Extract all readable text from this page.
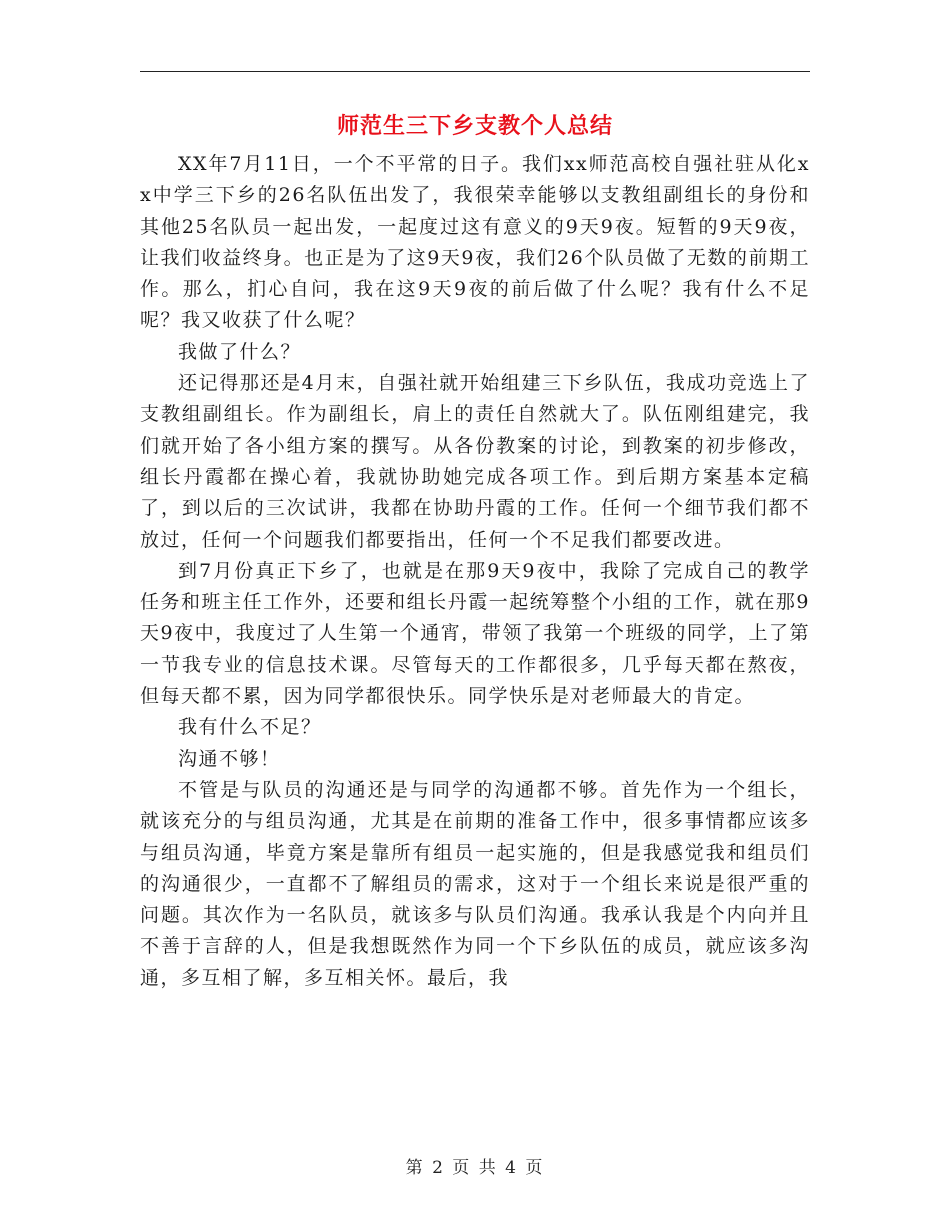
师范生三下乡支教个人总结

XX年7月11日，一个不平常的日子。我们xx师范高校自强社驻从化xx中学三下乡的26名队伍出发了，我很荣幸能够以支教组副组长的身份和其他25名队员一起出发，一起度过这有意义的9天9夜。短暂的9天9夜，让我们收益终身。也正是为了这9天9夜，我们26个队员做了无数的前期工作。那么，扪心自问，我在这9天9夜的前后做了什么呢？我有什么不足呢？我又收获了什么呢？

我做了什么？

还记得那还是4月末，自强社就开始组建三下乡队伍，我成功竞选上了支教组副组长。作为副组长，肩上的责任自然就大了。队伍刚组建完，我们就开始了各小组方案的撰写。从各份教案的讨论，到教案的初步修改，组长丹霞都在操心着，我就协助她完成各项工作。到后期方案基本定稿了，到以后的三次试讲，我都在协助丹霞的工作。任何一个细节我们都不放过，任何一个问题我们都要指出，任何一个不足我们都要改进。

到7月份真正下乡了，也就是在那9天9夜中，我除了完成自己的教学任务和班主任工作外，还要和组长丹霞一起统筹整个小组的工作，就在那9天9夜中，我度过了人生第一个通宵，带领了我第一个班级的同学，上了第一节我专业的信息技术课。尽管每天的工作都很多，几乎每天都在熬夜，但每天都不累，因为同学都很快乐。同学快乐是对老师最大的肯定。

我有什么不足？

沟通不够！

不管是与队员的沟通还是与同学的沟通都不够。首先作为一个组长，就该充分的与组员沟通，尤其是在前期的准备工作中，很多事情都应该多与组员沟通，毕竟方案是靠所有组员一起实施的，但是我感觉我和组员们的沟通很少，一直都不了解组员的需求，这对于一个组长来说是很严重的问题。其次作为一名队员，就该多与队员们沟通。我承认我是个内向并且不善于言辞的人，但是我想既然作为同一个下乡队伍的成员，就应该多沟通，多互相了解，多互相关怀。最后，我

第 2 页 共 4 页
